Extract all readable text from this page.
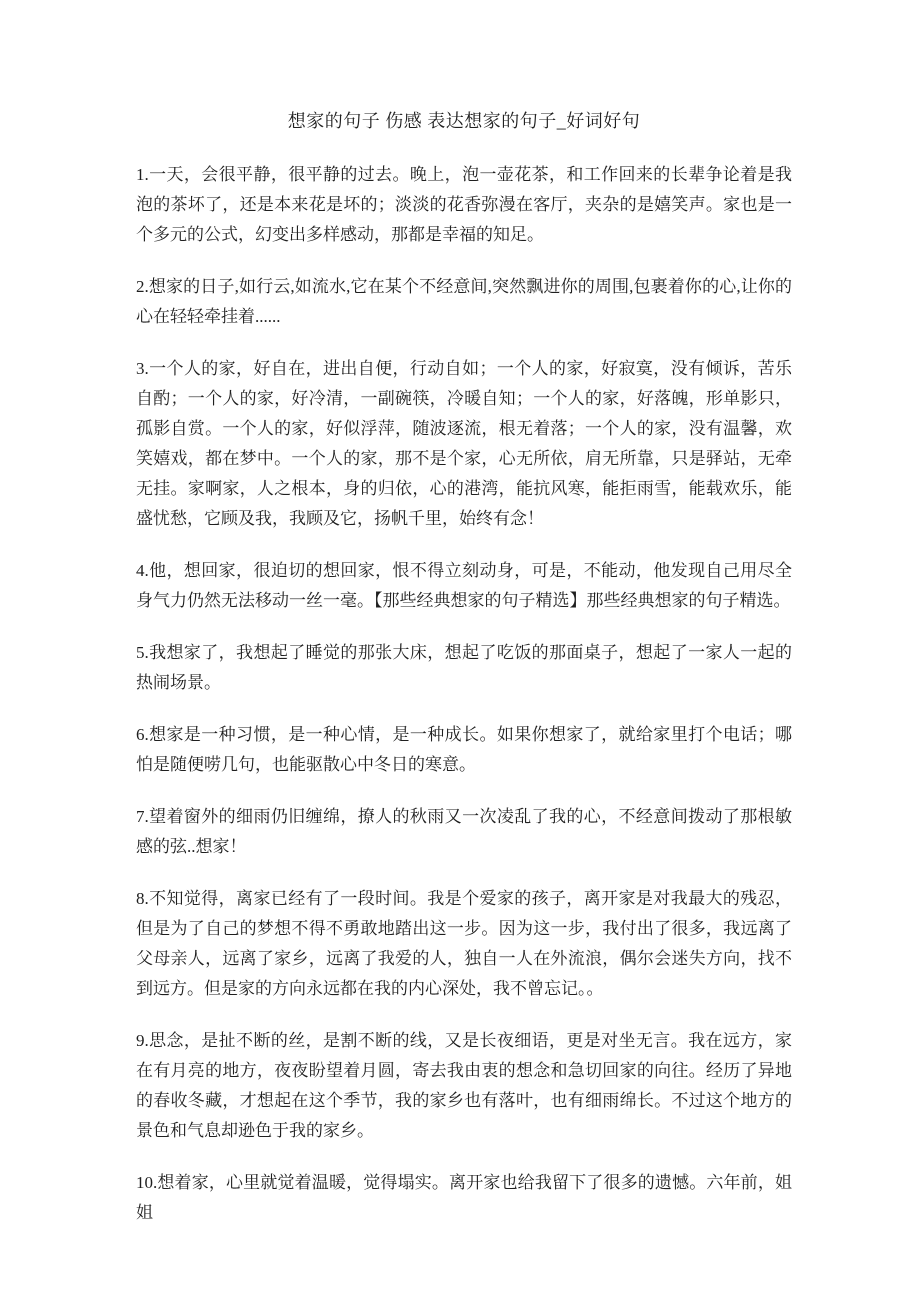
想家的句子 伤感 表达想家的句子_好词好句

1.一天，会很平静，很平静的过去。晚上，泡一壶花茶，和工作回来的长辈争论着是我泡的茶坏了，还是本来花是坏的；淡淡的花香弥漫在客厅，夹杂的是嬉笑声。家也是一个多元的公式，幻变出多样感动，那都是幸福的知足。

2.想家的日子,如行云,如流水,它在某个不经意间,突然飘进你的周围,包裹着你的心,让你的心在轻轻牵挂着......

3.一个人的家，好自在，进出自便，行动自如；一个人的家，好寂寞，没有倾诉，苦乐自酌；一个人的家，好冷清，一副碗筷，冷暖自知；一个人的家，好落魄，形单影只，孤影自赏。一个人的家，好似浮萍，随波逐流，根无着落；一个人的家，没有温馨，欢笑嬉戏，都在梦中。一个人的家，那不是个家，心无所依，肩无所靠，只是驿站，无牵无挂。家啊家，人之根本，身的归依，心的港湾，能抗风寒，能拒雨雪，能载欢乐，能盛忧愁，它顾及我，我顾及它，扬帆千里，始终有念！

4.他，想回家，很迫切的想回家，恨不得立刻动身，可是，不能动，他发现自己用尽全身气力仍然无法移动一丝一毫。【那些经典想家的句子精选】那些经典想家的句子精选。

5.我想家了，我想起了睡觉的那张大床，想起了吃饭的那面桌子，想起了一家人一起的热闹场景。

6.想家是一种习惯，是一种心情，是一种成长。如果你想家了，就给家里打个电话；哪怕是随便唠几句，也能驱散心中冬日的寒意。

7.望着窗外的细雨仍旧缠绵，撩人的秋雨又一次凌乱了我的心，不经意间拨动了那根敏感的弦..想家！

8.不知觉得，离家已经有了一段时间。我是个爱家的孩子，离开家是对我最大的残忍，但是为了自己的梦想不得不勇敢地踏出这一步。因为这一步，我付出了很多，我远离了父母亲人，远离了家乡，远离了我爱的人，独自一人在外流浪，偶尔会迷失方向，找不到远方。但是家的方向永远都在我的内心深处，我不曾忘记。。

9.思念，是扯不断的丝，是割不断的线，又是长夜细语，更是对坐无言。我在远方，家在有月亮的地方，夜夜盼望着月圆，寄去我由衷的想念和急切回家的向往。经历了异地的春收冬藏，才想起在这个季节，我的家乡也有落叶，也有细雨绵长。不过这个地方的景色和气息却逊色于我的家乡。

10.想着家，心里就觉着温暖，觉得塌实。离开家也给我留下了很多的遗憾。六年前，姐姐
